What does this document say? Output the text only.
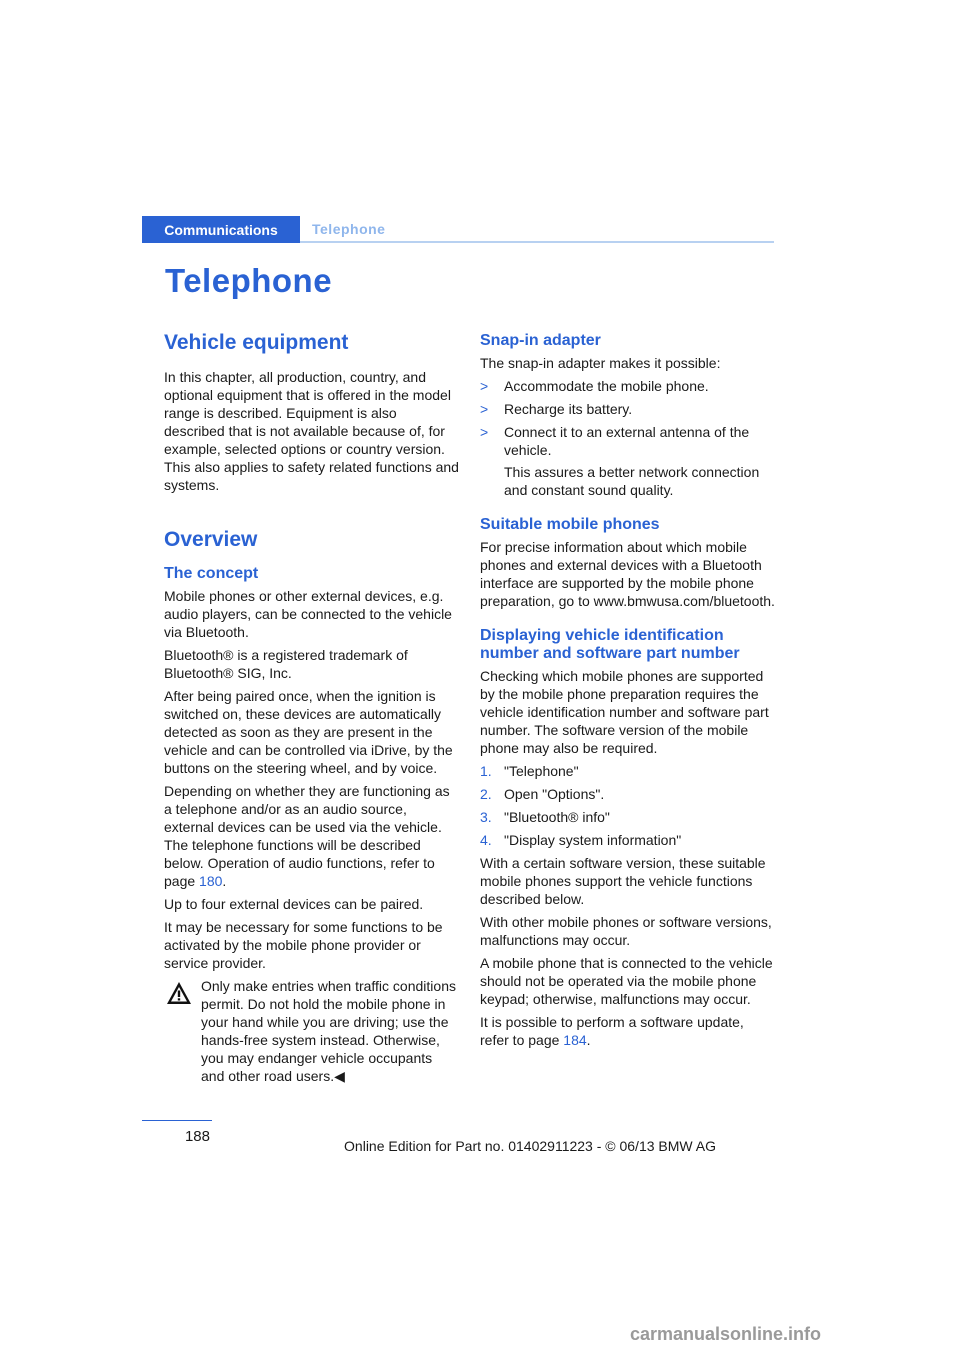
Communications	Telephone
Telephone
Vehicle equipment

In this chapter, all production, country, and optional equipment that is offered in the model range is described. Equipment is also described that is not available because of, for example, selected options or country version. This also applies to safety related functions and systems.

Overview
The concept

Mobile phones or other external devices, e.g. audio players, can be connected to the vehicle via Bluetooth.

Bluetooth® is a registered trademark of Bluetooth® SIG, Inc.

After being paired once, when the ignition is switched on, these devices are automatically detected as soon as they are present in the vehicle and can be controlled via iDrive, by the buttons on the steering wheel, and by voice.

Depending on whether they are functioning as a telephone and/or as an audio source, external devices can be used via the vehicle. The telephone functions will be described below. Operation of audio functions, refer to page 180.

Up to four external devices can be paired.

It may be necessary for some functions to be activated by the mobile phone provider or service provider.

Only make entries when traffic conditions permit. Do not hold the mobile phone in your hand while you are driving; use the hands-free system instead. Otherwise, you may endanger vehicle occupants and other road users.◀

Snap-in adapter

The snap-in adapter makes it possible:

> Accommodate the mobile phone.
> Recharge its battery.
> Connect it to an external antenna of the vehicle.

This assures a better network connection and constant sound quality.

Suitable mobile phones

For precise information about which mobile phones and external devices with a Bluetooth interface are supported by the mobile phone preparation, go to www.bmwusa.com/bluetooth.

Displaying vehicle identification number and software part number

Checking which mobile phones are supported by the mobile phone preparation requires the vehicle identification number and software part number. The software version of the mobile phone may also be required.

1. "Telephone"
2. Open "Options".
3. "Bluetooth® info"
4. "Display system information"

With a certain software version, these suitable mobile phones support the vehicle functions described below.

With other mobile phones or software versions, malfunctions may occur.

A mobile phone that is connected to the vehicle should not be operated via the mobile phone keypad; otherwise, malfunctions may occur.

It is possible to perform a software update, refer to page 184.

188
Online Edition for Part no. 01402911223 - © 06/13 BMW AG
carmanualsonline.info
